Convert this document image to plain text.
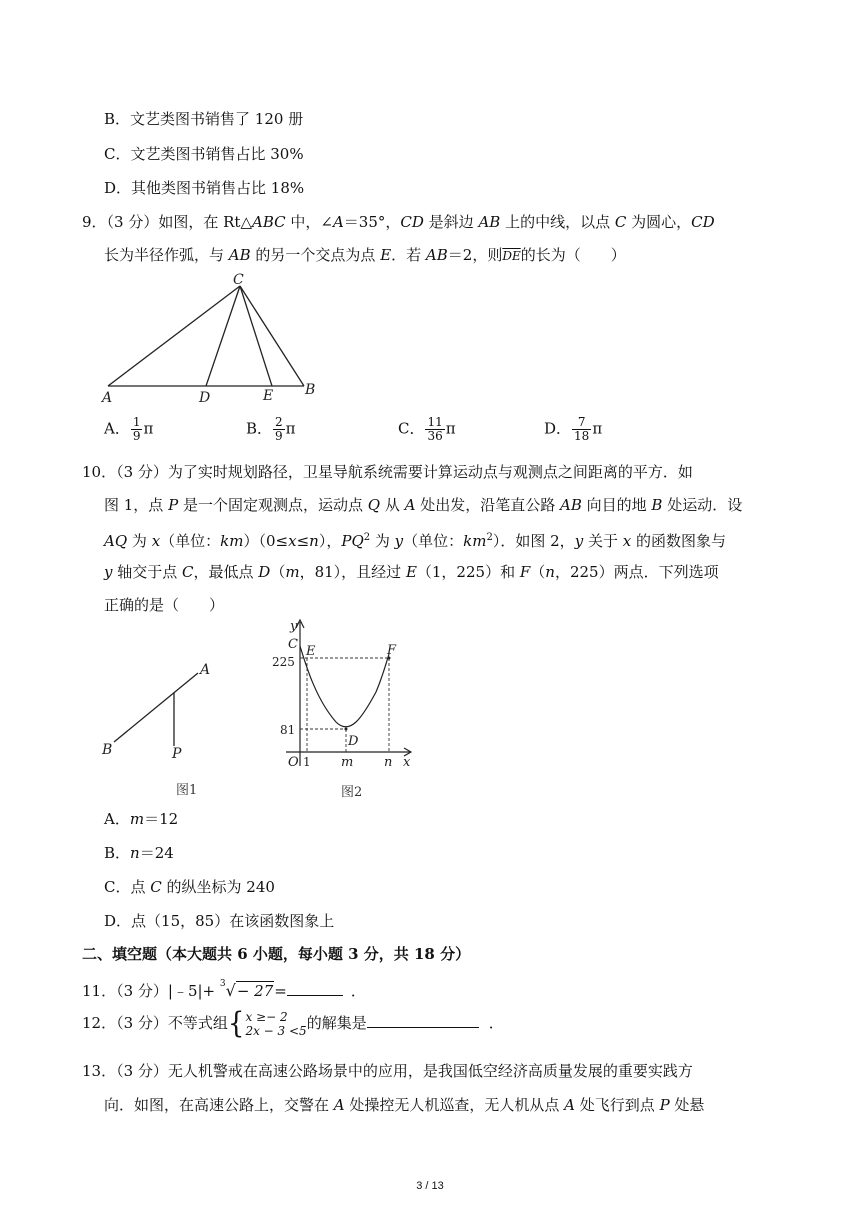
B．文艺类图书销售了 120 册
C．文艺类图书销售占比 30%
D．其他类图书销售占比 18%
9．（3 分）如图，在 Rt△ABC 中，∠A＝35°，CD 是斜边 AB 上的中线，以点 C 为圆心，CD
长为半径作弧，与 AB 的另一个交点为点 E．若 AB＝2，则$\overline{DE}$的长为（　　）
C
A	D	E B
A． $\frac{1}{9}$ π	B． $\frac{2}{9}$ π	C． $\frac{11}{36}$ π	D． $\frac{7}{18}$ π
10．（3 分）为了实时规划路径，卫星导航系统需要计算运动点与观测点之间距离的平方．如
图 1，点 P 是一个固定观测点，运动点 Q 从 A 处出发，沿笔直公路 AB 向目的地 B 处运动．设
AQ 为 x（单位：km）（0≤x≤n），$PQ^2$ 为 y（单位：$km^2$）．如图 2，y 关于 x 的函数图象与
y 轴交于点 C，最低点 D（m，81），且经过 E（1，225）和 F（n，225）两点．下列选项
正确的是（　　）
A
B	P
图1
y
C E	F
225
81
D
O 1 m n x
图2
A．m＝12
B．n＝24
C．点 C 的纵坐标为 240
D．点（15，85）在该函数图象上
二、填空题（本大题共 6 小题，每小题 3 分，共 18 分）
11．（3 分）|﹣5|+ $^3$√− 27=	．
12．（3 分）不等式组{ x ≥− 2
2x − 3 <5 的解集是	．
13．（3 分）无人机警戒在高速公路场景中的应用，是我国低空经济高质量发展的重要实践方
向．如图，在高速公路上，交警在 A 处操控无人机巡查，无人机从点 A 处飞行到点 P 处悬
3 / 13
